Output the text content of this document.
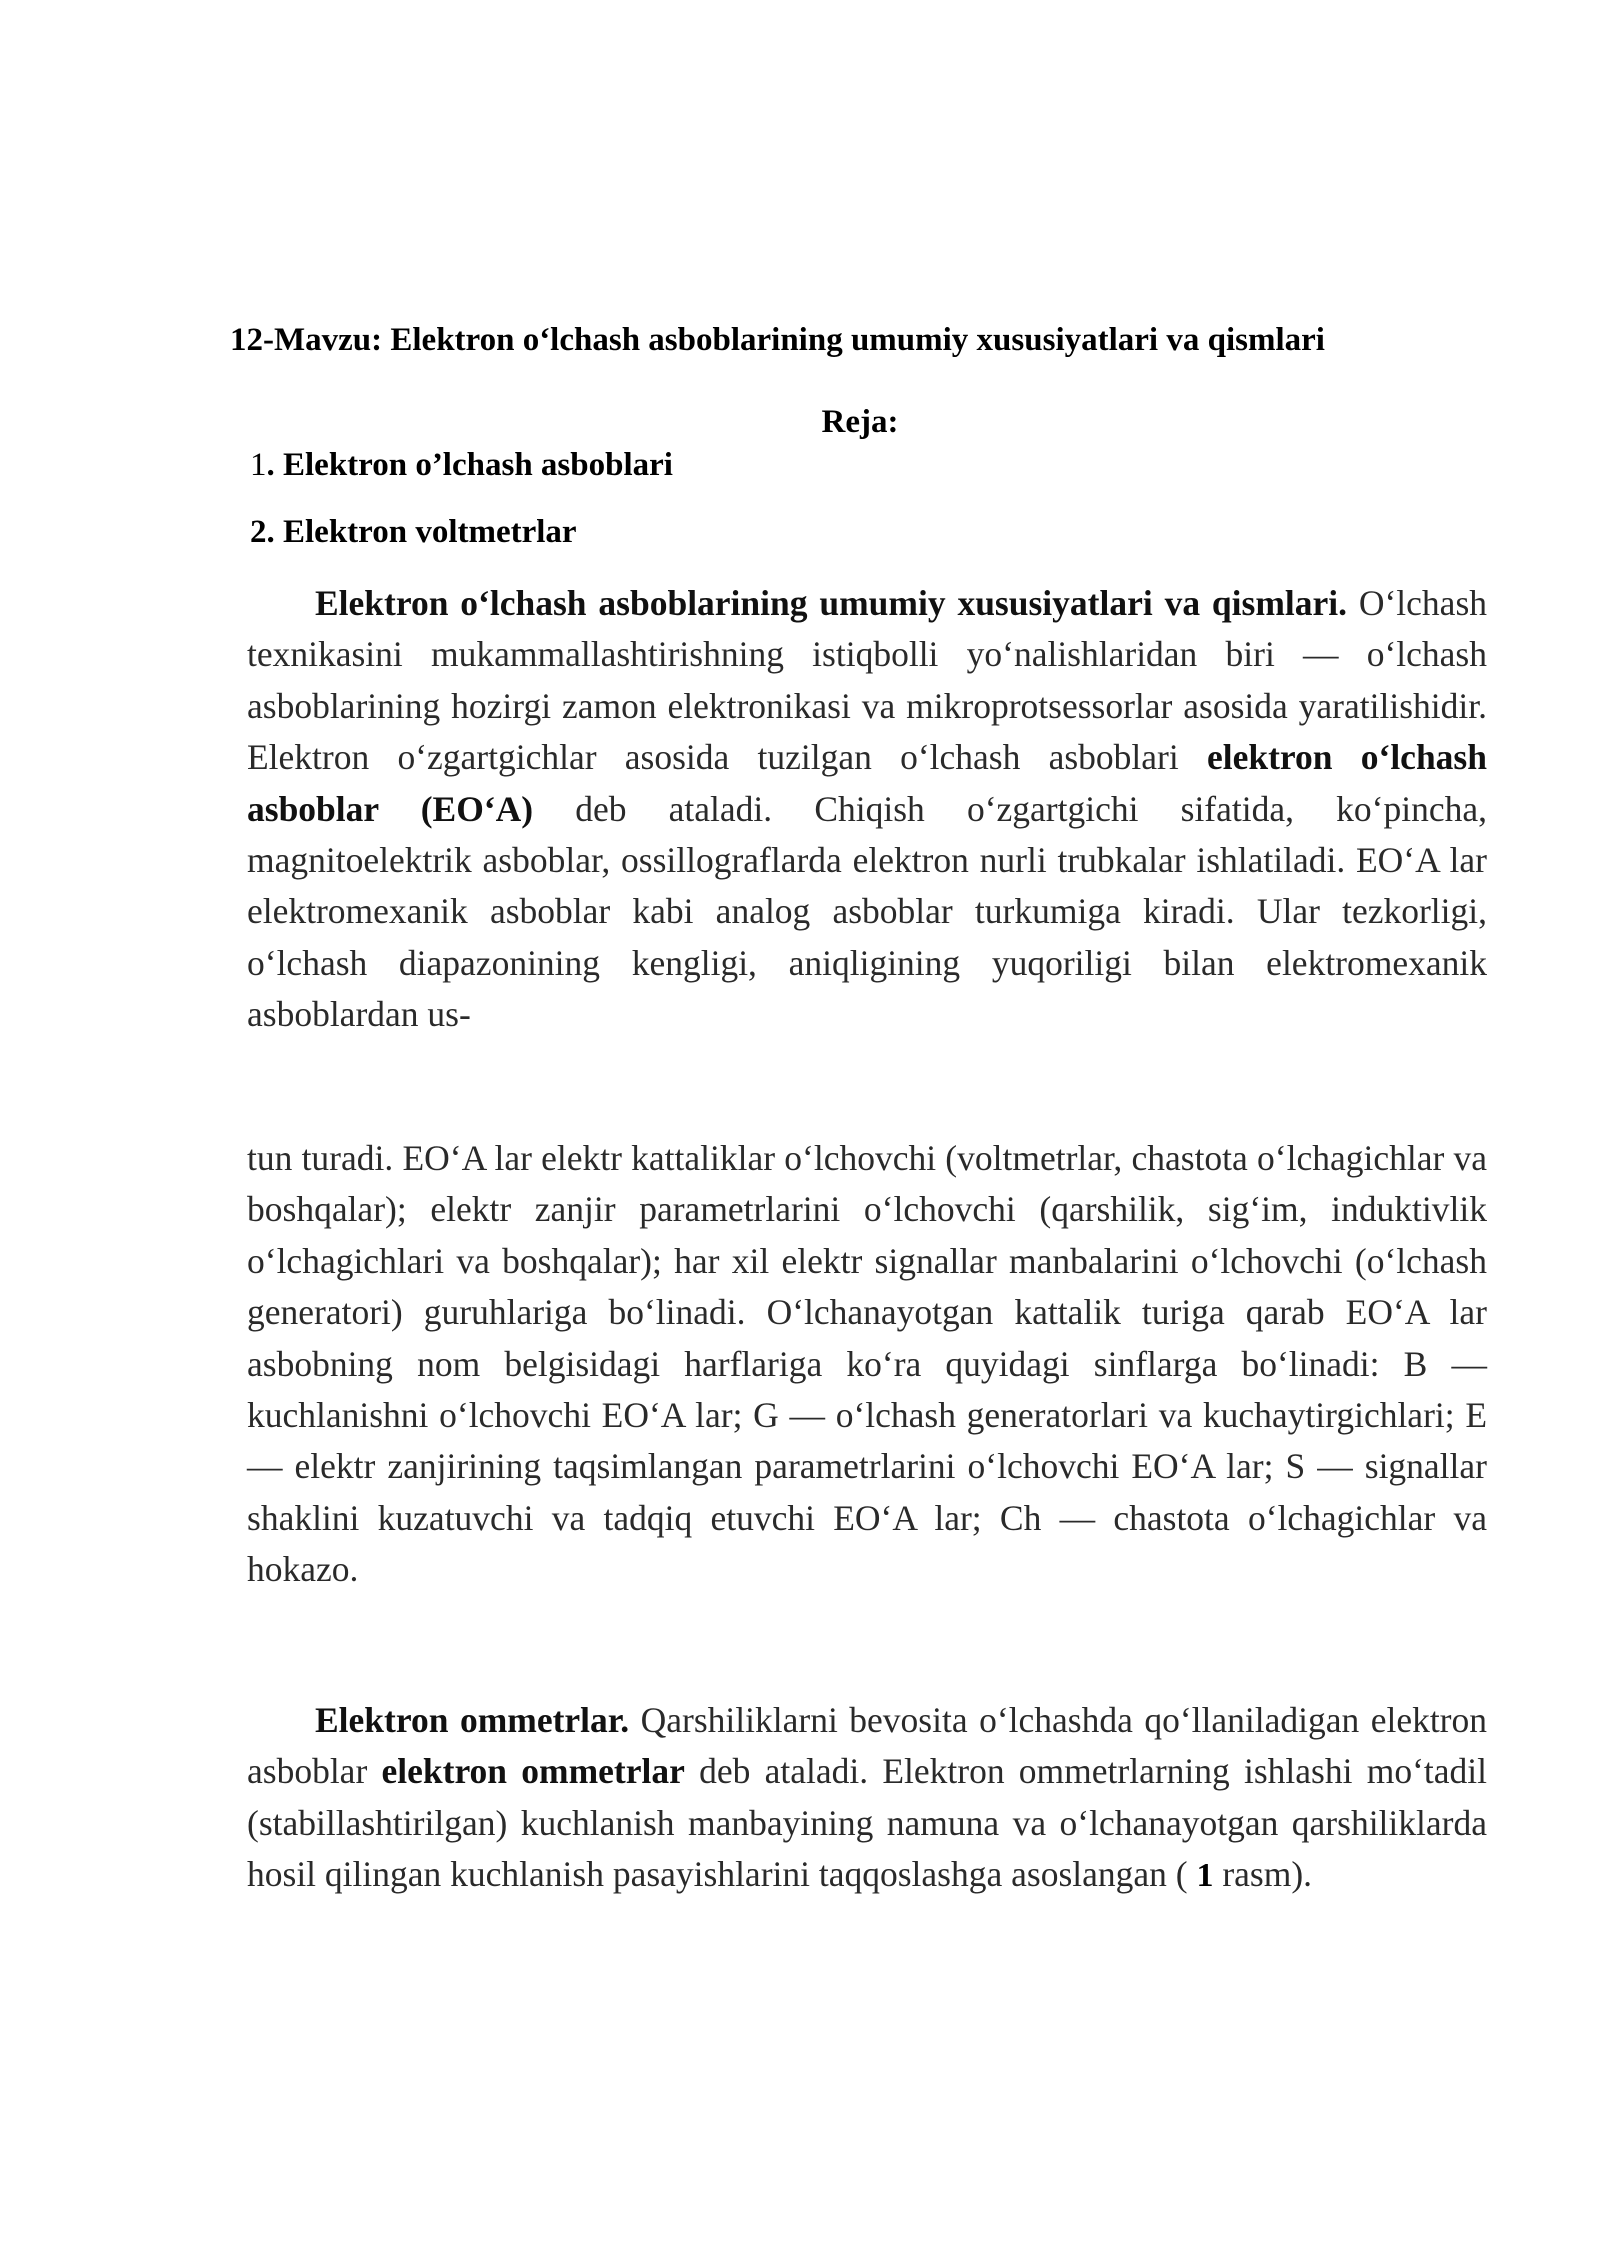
12-Mavzu: Elektron o‘lchash asboblarining umumiy xususiyatlari va qismlari
Reja:
1. Elektron o’lchash asboblari
2. Elektron voltmetrlar

Elektron o‘lchash asboblarining umumiy xususiyatlari va qismlari. O‘lchash texnikasini mukammallashtirishning istiqbolli yo‘nalishlaridan biri — o‘lchash asboblarining hozirgi zamon elektronikasi va mikroprotsessorlar asosida yaratilishidir. Elektron o‘zgartgichlar asosida tuzilgan o‘lchash asboblari elektron o‘lchash asboblar (EO‘A) deb ataladi. Chiqish o‘zgartgichi sifatida, ko‘pincha, magnitoelektrik asboblar, ossillograflarda elektron nurli trubkalar ishlatiladi. EO‘A lar elektromexanik asboblar kabi analog asboblar turkumiga kiradi. Ular tezkorligi, o‘lchash diapazonining kengligi, aniqligining yuqoriligi bilan elektromexanik asboblardan us-

tun turadi. EO‘A lar elektr kattaliklar o‘lchovchi (voltmetrlar, chastota o‘lchagichlar va boshqalar); elektr zanjir parametrlarini o‘lchovchi (qarshilik, sig‘im, induktivlik o‘lchagichlari va boshqalar); har xil elektr signallar manbalarini o‘lchovchi (o‘lchash generatori) guruhlariga bo‘linadi. O‘lchanayotgan kattalik turiga qarab EO‘A lar asbobning nom belgisidagi harflariga ko‘ra quyidagi sinflarga bo‘linadi: B — kuchlanishni o‘lchovchi EO‘A lar; G — o‘lchash generatorlari va kuchaytirgichlari; E — elektr zanjirining taqsimlangan parametrlarini o‘lchovchi EO‘A lar; S — signallar shaklini kuzatuvchi va tadqiq etuvchi EO‘A lar; Ch — chastota o‘lchagichlar va hokazo.

Elektron ommetrlar. Qarshiliklarni bevosita o‘lchashda qo‘llaniladigan elektron asboblar elektron ommetrlar deb ataladi. Elektron ommetrlarning ishlashi mo‘tadil (stabillashtirilgan) kuchlanish manbayining namuna va o‘lchanayotgan qarshiliklarda hosil qilingan kuchlanish pasayishlarini taqqoslashga asoslangan ( 1 rasm).
